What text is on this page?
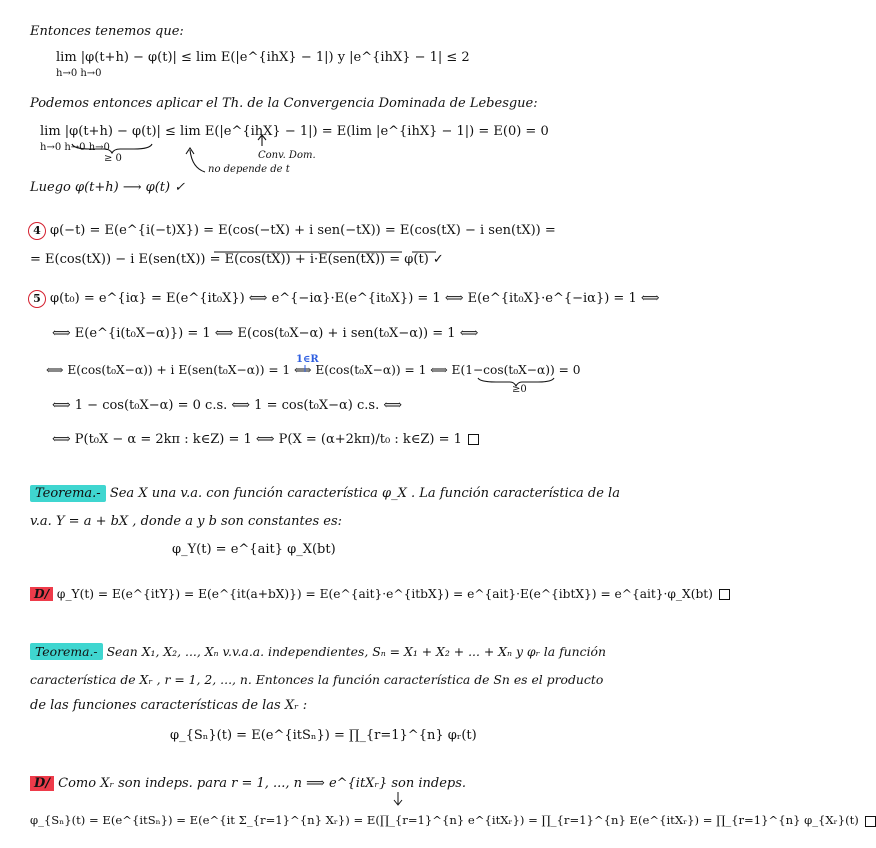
Entonces tenemos que:
lim |φ(t+h) − φ(t)| ≤ lim E(|e^{ihX} − 1|) y |e^{ihX} − 1| ≤ 2
h→0 h→0
Podemos entonces aplicar el Th. de la Convergencia Dominada de Lebesgue:
lim |φ(t+h) − φ(t)| ≤ lim E(|e^{ihX} − 1|) = E(lim |e^{ihX} − 1|) = E(0) = 0
h→0 h→0 h→0
≥ 0	Conv. Dom.
no depende de t
Luego φ(t+h) ⟶ φ(t) ✓
4 φ(−t) = E(e^{i(−t)X}) = E(cos(−tX) + i sen(−tX)) = E(cos(tX) − i sen(tX)) =
= E(cos(tX)) − i E(sen(tX)) = E(cos(tX)) + i·E(sen(tX)) = φ(t) ✓
5 φ(t₀) = e^{iα} = E(e^{it₀X}) ⟺ e^{−iα}·E(e^{it₀X}) = 1 ⟺ E(e^{it₀X}·e^{−iα}) = 1 ⟺
⟺ E(e^{i(t₀X−α)}) = 1 ⟺ E(cos(t₀X−α) + i sen(t₀X−α)) = 1 ⟺
1∈R
⟺ E(cos(t₀X−α)) + i E(sen(t₀X−α)) = 1 ⟺ E(cos(t₀X−α)) = 1 ⟺ E(1−cos(t₀X−α)) = 0
≥0
⟺ 1 − cos(t₀X−α) = 0 c.s. ⟺ 1 = cos(t₀X−α) c.s. ⟺
⟺ P(t₀X − α = 2kπ : k∈Z) = 1 ⟺ P(X = (α+2kπ)/t₀ : k∈Z) = 1
Teorema.- Sea X una v.a. con función característica φ_X . La función característica de la
v.a. Y = a + bX , donde a y b son constantes es:
φ_Y(t) = e^{ait} φ_X(bt)
D/ φ_Y(t) = E(e^{itY}) = E(e^{it(a+bX)}) = E(e^{ait}·e^{itbX}) = e^{ait}·E(e^{ibtX}) = e^{ait}·φ_X(bt)
Teorema.- Sean X₁, X₂, ..., Xₙ v.v.a.a. independientes, Sₙ = X₁ + X₂ + ... + Xₙ y φᵣ la función
característica de Xᵣ , r = 1, 2, ..., n. Entonces la función característica de Sn es el producto
de las funciones características de las Xᵣ :
φ_{Sₙ}(t) = E(e^{itSₙ}) = ∏_{r=1}^{n} φᵣ(t)
D/ Como Xᵣ son indeps. para r = 1, ..., n ⟹ e^{itXᵣ} son indeps.
φ_{Sₙ}(t) = E(e^{itSₙ}) = E(e^{it Σ_{r=1}^{n} Xᵣ}) = E(∏_{r=1}^{n} e^{itXᵣ}) = ∏_{r=1}^{n} E(e^{itXᵣ}) = ∏_{r=1}^{n} φ_{Xᵣ}(t)
